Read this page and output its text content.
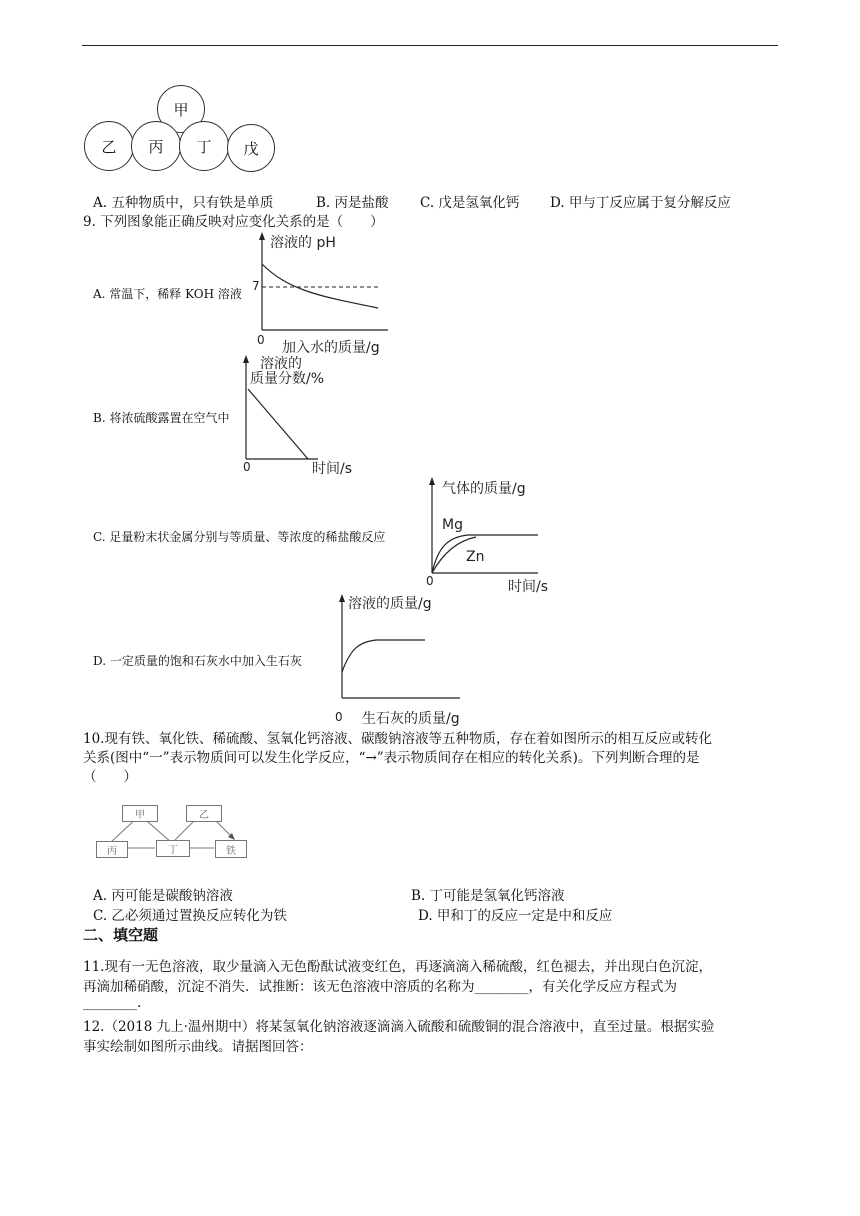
甲
乙	丙	丁	戊
A. 五种物质中，只有铁是单质	B. 丙是盐酸 C. 戊是氢氧化钙 D. 甲与丁反应属于复分解反应
9. 下列图象能正确反映对应变化关系的是（　　）
A. 常温下，稀释 KOH 溶液
溶液的 pH
7
0 加入水的质量/g
B. 将浓硫酸露置在空气中
溶液的
质量分数/%
0	时间/s
C. 足量粉末状金属分别与等质量、等浓度的稀盐酸反应
气体的质量/g
Mg
Zn
0	时间/s
D. 一定质量的饱和石灰水中加入生石灰
溶液的质量/g
0 生石灰的质量/g
10.现有铁、氧化铁、稀硫酸、氢氧化钙溶液、碳酸钠溶液等五种物质，存在着如图所示的相互反应或转化
关系(图中“一”表示物质间可以发生化学反应，“→”表示物质间存在相应的转化关系)。下列判断合理的是
（　　）
甲	乙
丙	丁	铁
A. 丙可能是碳酸钠溶液	B. 丁可能是氢氧化钙溶液
C. 乙必须通过置换反应转化为铁	D. 甲和丁的反应一定是中和反应
二、填空题
11.现有一无色溶液，取少量滴入无色酚酞试液变红色，再逐滴滴入稀硫酸，红色褪去，并出现白色沉淀，
再滴加稀硝酸，沉淀不消失．试推断：该无色溶液中溶质的名称为________，有关化学反应方程式为
________.
12.（2018 九上·温州期中）将某氢氧化钠溶液逐滴滴入硫酸和硫酸铜的混合溶液中，直至过量。根据实验
事实绘制如图所示曲线。请据图回答：
